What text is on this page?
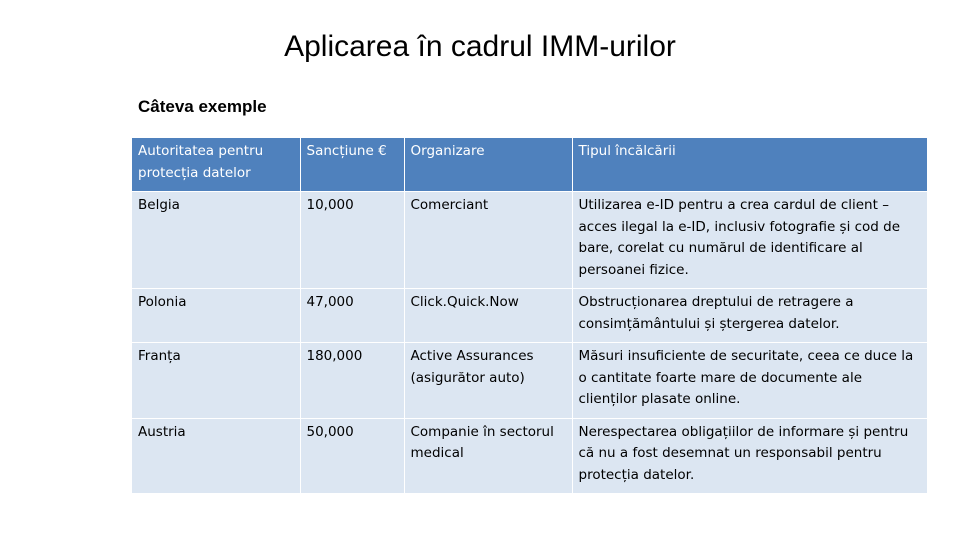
Aplicarea în cadrul IMM-urilor
Câteva exemple
Autoritatea pentru protecția datelor	Sancțiune €	Organizare	Tipul încălcării
Belgia	10,000	Comerciant	Utilizarea e-ID pentru a crea cardul de client – acces ilegal la e-ID, inclusiv fotografie și cod de bare, corelat cu numărul de identificare al persoanei fizice.
Polonia	47,000	Click.Quick.Now	Obstrucționarea dreptului de retragere a consimțământului și ștergerea datelor.
Franța	180,000	Active Assurances (asigurător auto)	Măsuri insuficiente de securitate, ceea ce duce la o cantitate foarte mare de documente ale clienților plasate online.
Austria	50,000	Companie în sectorul medical	Nerespectarea obligațiilor de informare și pentru că nu a fost desemnat un responsabil pentru protecția datelor.
